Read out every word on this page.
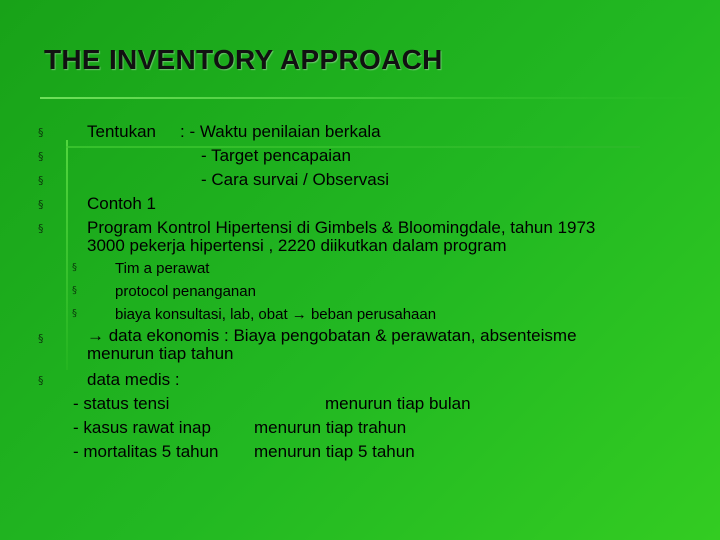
THE INVENTORY APPROACH
§
§
§
§
§
§
§
Tentukan : - Waktu penilaian berkala
- Target pencapaian
- Cara survai / Observasi
Contoh 1
Program Kontrol Hipertensi di Gimbels & Bloomingdale, tahun 1973
3000 pekerja hipertensi , 2220 diikutkan dalam program
§
§
§
Tim a perawat
protocol penanganan
biaya konsultasi, lab, obat → beban perusahaan
→ data ekonomis : Biaya pengobatan & perawatan, absenteisme
menurun tiap tahun
data medis :
- status tensi	menurun tiap bulan
- kasus rawat inap	menurun tiap trahun
- mortalitas 5 tahun menurun tiap 5 tahun
